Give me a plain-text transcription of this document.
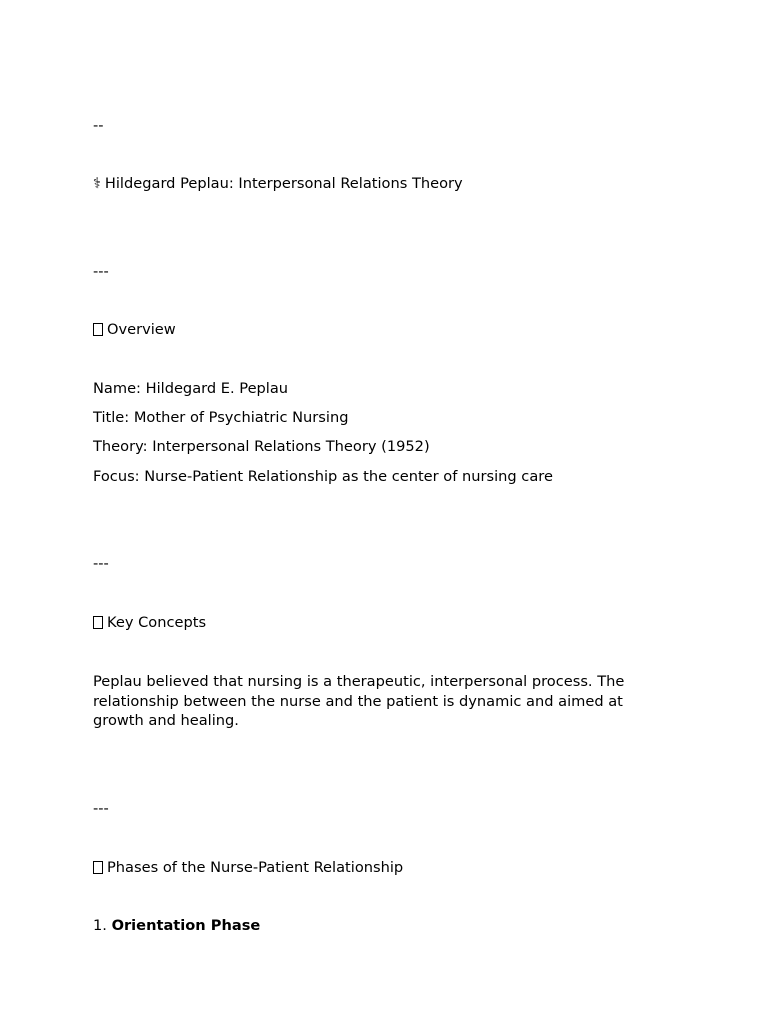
--

⚕ Hildegard Peplau: Interpersonal Relations Theory

---

Overview

Name: Hildegard E. Peplau

Title: Mother of Psychiatric Nursing

Theory: Interpersonal Relations Theory (1952)

Focus: Nurse-Patient Relationship as the center of nursing care

---

Key Concepts

Peplau believed that nursing is a therapeutic, interpersonal process. The relationship between the nurse and the patient is dynamic and aimed at growth and healing.

---

Phases of the Nurse-Patient Relationship

1. Orientation Phase
